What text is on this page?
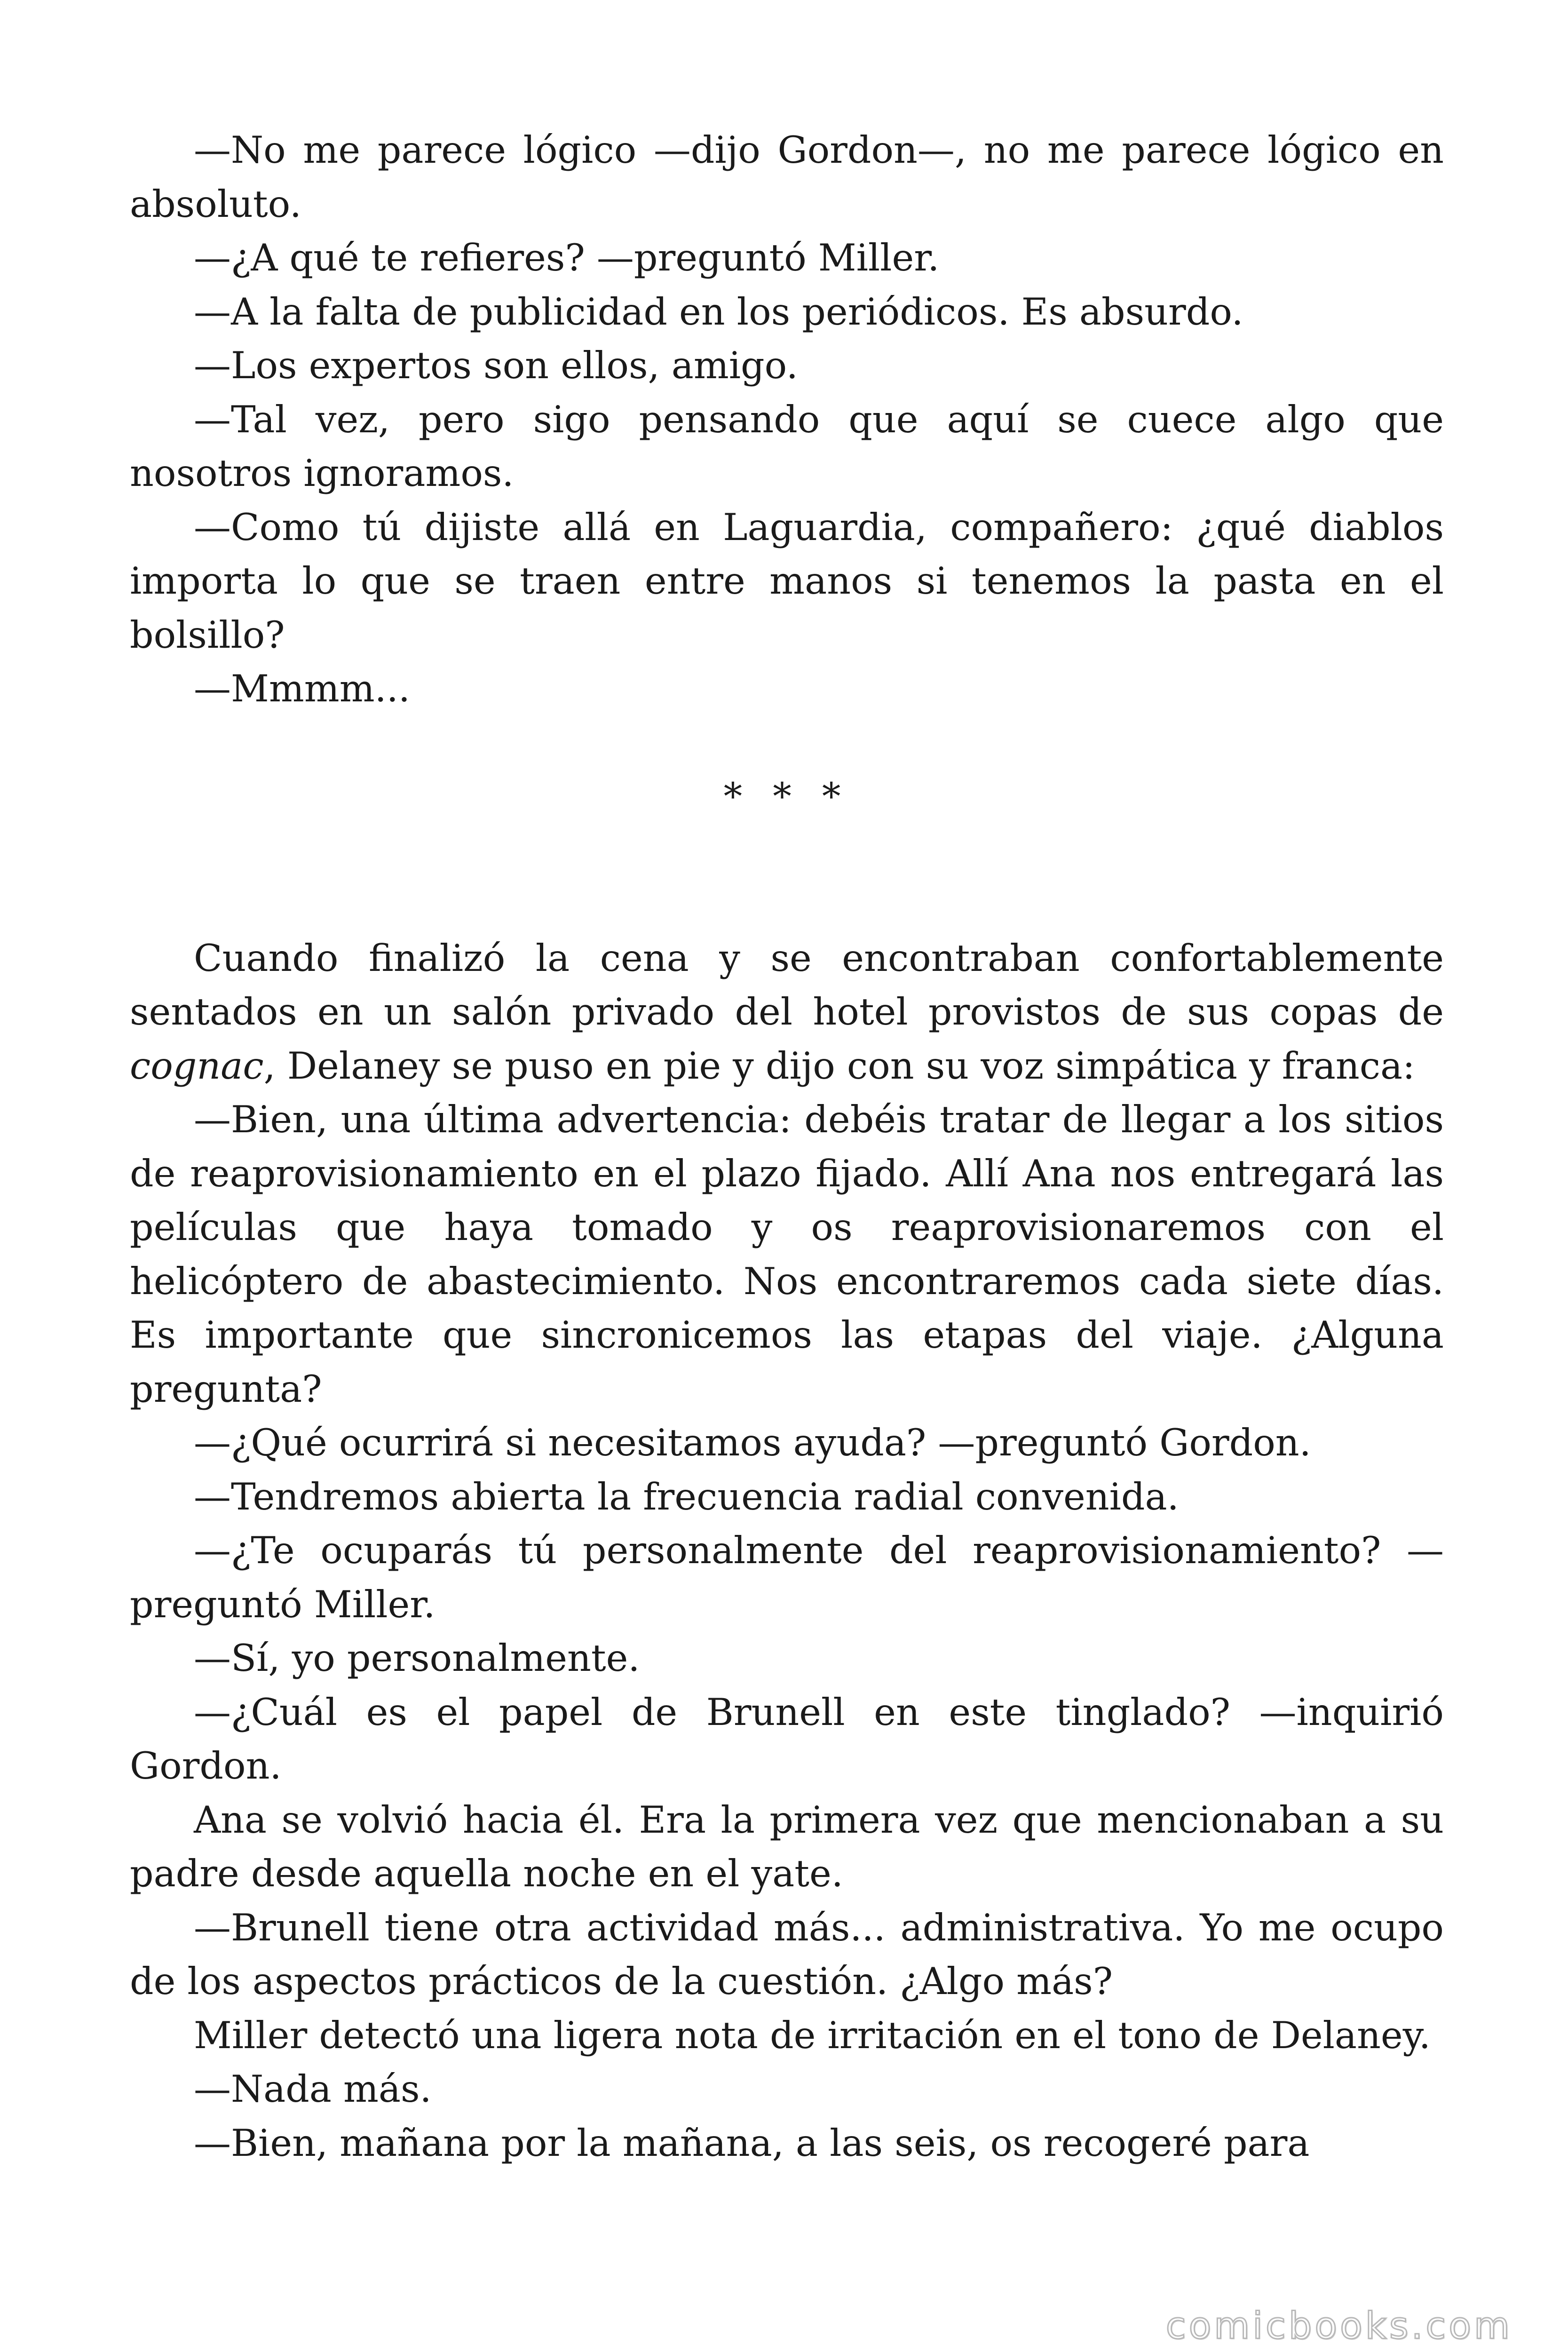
—No me parece lógico —dijo Gordon—, no me parece lógico en absoluto.

—¿A qué te refieres? —preguntó Miller.

—A la falta de publicidad en los periódicos. Es absurdo.

—Los expertos son ellos, amigo.

—Tal vez, pero sigo pensando que aquí se cuece algo que nosotros ignoramos.

—Como tú dijiste allá en Laguardia, compañero: ¿qué diablos importa lo que se traen entre manos si tenemos la pasta en el bolsillo?

—Mmmm...

* * *

Cuando finalizó la cena y se encontraban confortablemente sentados en un salón privado del hotel provistos de sus copas de cognac, Delaney se puso en pie y dijo con su voz simpática y franca:

—Bien, una última advertencia: debéis tratar de llegar a los sitios de reaprovisionamiento en el plazo fijado. Allí Ana nos entregará las películas que haya tomado y os reaprovisionaremos con el helicóptero de abastecimiento. Nos encontraremos cada siete días. Es importante que sincronicemos las etapas del viaje. ¿Alguna pregunta?

—¿Qué ocurrirá si necesitamos ayuda? —preguntó Gordon.

—Tendremos abierta la frecuencia radial convenida.

—¿Te ocuparás tú personalmente del reaprovisionamiento? —preguntó Miller.

—Sí, yo personalmente.

—¿Cuál es el papel de Brunell en este tinglado? —inquirió Gordon.

Ana se volvió hacia él. Era la primera vez que mencionaban a su padre desde aquella noche en el yate.

—Brunell tiene otra actividad más... administrativa. Yo me ocupo de los aspectos prácticos de la cuestión. ¿Algo más?

Miller detectó una ligera nota de irritación en el tono de Delaney.

—Nada más.

—Bien, mañana por la mañana, a las seis, os recogeré para

comicbooks.com
